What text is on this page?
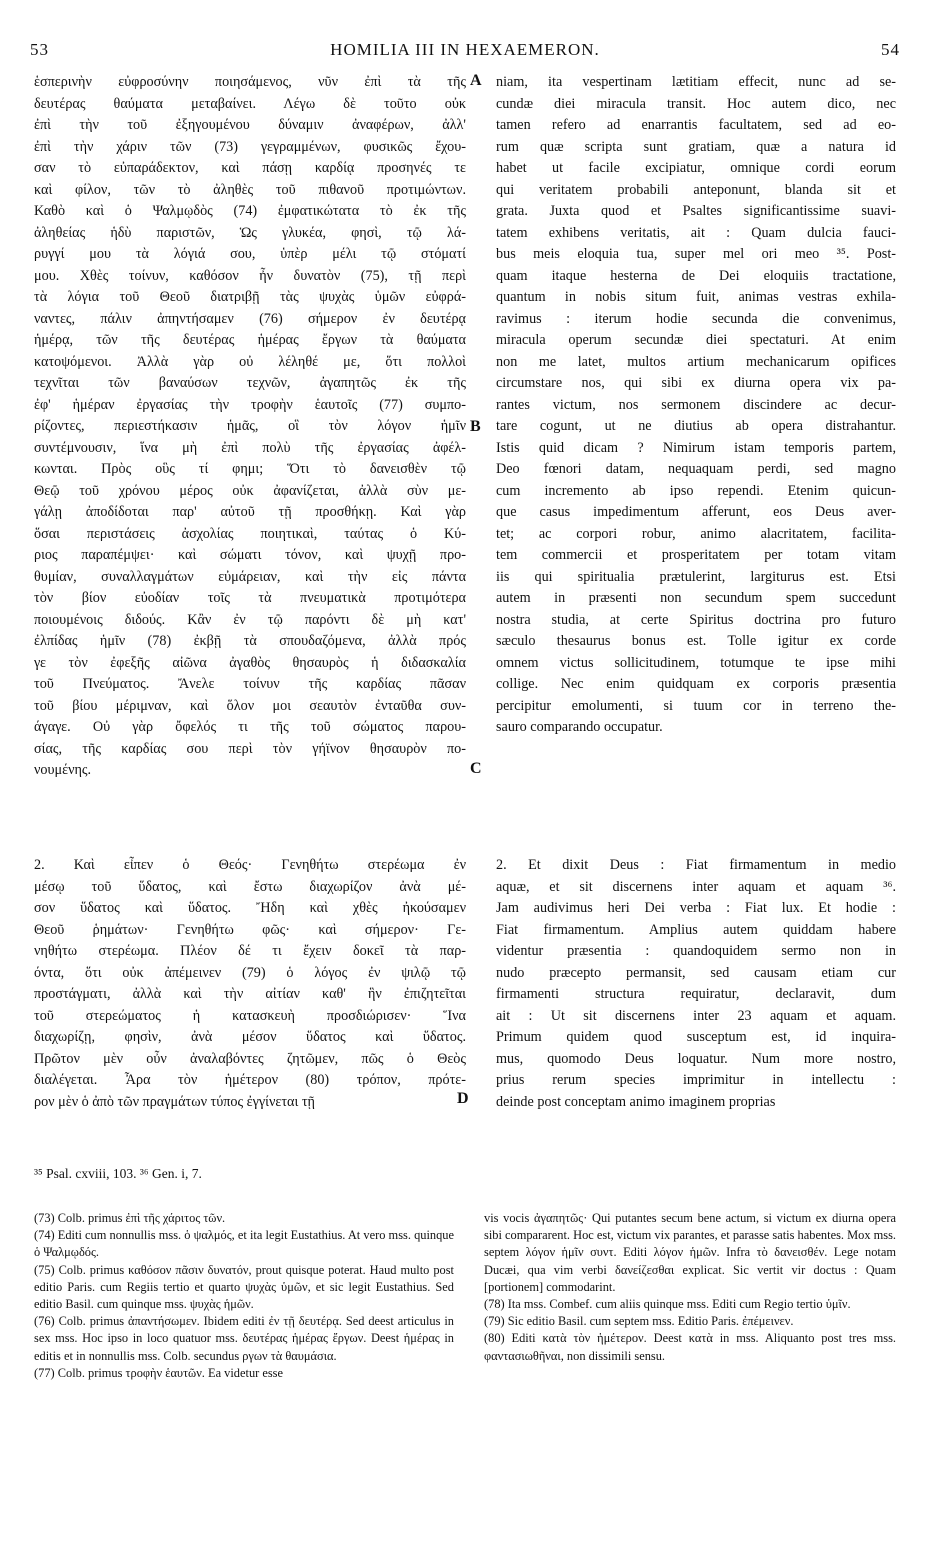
53	HOMILIA III IN HEXAEMERON.	54
ἑσπερινὴν εὐφροσύνην ποιησάμενος, νῦν ἐπὶ τὰ τῆς
δευτέρας θαύματα μεταβαίνει. Λέγω δὲ τοῦτο οὐκ
ἐπὶ τὴν τοῦ ἐξηγουμένου δύναμιν ἀναφέρων, ἀλλ'
ἐπὶ τὴν χάριν τῶν (73) γεγραμμένων, φυσικῶς ἔχου-
σαν τὸ εὐπαράδεκτον, καὶ πάσῃ καρδίᾳ προσηνές τε
καὶ φίλον, τῶν τὸ ἀληθὲς τοῦ πιθανοῦ προτιμώντων.
Καθὸ καὶ ὁ Ψαλμῳδὸς (74) ἐμφατικώτατα τὸ ἐκ τῆς
ἀληθείας ἡδὺ παριστῶν, Ὡς γλυκέα, φησὶ, τῷ λά-
ρυγγί μου τὰ λόγιά σου, ὑπὲρ μέλι τῷ στόματί
μου. Χθὲς τοίνυν, καθόσον ἦν δυνατὸν (75), τῇ περὶ
τὰ λόγια τοῦ Θεοῦ διατριβῇ τὰς ψυχὰς ὑμῶν εὐφρά-
ναντες, πάλιν ἀπηντήσαμεν (76) σήμερον ἐν δευτέρᾳ
ἡμέρᾳ, τῶν τῆς δευτέρας ἡμέρας ἔργων τὰ θαύματα
κατοψόμενοι. Ἀλλὰ γὰρ οὐ λέληθέ με, ὅτι πολλοὶ
τεχνῖται τῶν βαναύσων τεχνῶν, ἀγαπητῶς ἐκ τῆς
ἐφ' ἡμέραν ἐργασίας τὴν τροφὴν ἑαυτοῖς (77) συμπο-
ρίζοντες, περιεστήκασιν ἡμᾶς, οἳ τὸν λόγον ἡμῖν
συντέμνουσιν, ἵνα μὴ ἐπὶ πολὺ τῆς ἐργασίας ἀφέλ-
κωνται. Πρὸς οὓς τί φημι; Ὅτι τὸ δανεισθὲν τῷ
Θεῷ τοῦ χρόνου μέρος οὐκ ἀφανίζεται, ἀλλὰ σὺν με-
γάλῃ ἀποδίδοται παρ' αὐτοῦ τῇ προσθήκῃ. Καὶ γὰρ
ὅσαι περιστάσεις ἀσχολίας ποιητικαὶ, ταύτας ὁ Κύ-
ριος παραπέμψει· καὶ σώματι τόνον, καὶ ψυχῇ προ-
θυμίαν, συναλλαγμάτων εὐμάρειαν, καὶ τὴν εἰς πάντα
τὸν βίον εὐοδίαν τοῖς τὰ πνευματικὰ προτιμότερα
ποιουμένοις διδούς. Κἂν ἐν τῷ παρόντι δὲ μὴ κατ'
ἐλπίδας ἡμῖν (78) ἐκβῇ τὰ σπουδαζόμενα, ἀλλὰ πρός
γε τὸν ἐφεξῆς αἰῶνα ἀγαθὸς θησαυρὸς ἡ διδασκαλία
τοῦ Πνεύματος. Ἄνελε τοίνυν τῆς καρδίας πᾶσαν
τοῦ βίου μέριμναν, καὶ ὅλον μοι σεαυτὸν ἐνταῦθα συν-
άγαγε. Οὐ γὰρ ὄφελός τι τῆς τοῦ σώματος παρου-
σίας, τῆς καρδίας σου περὶ τὸν γήϊνον θησαυρὸν πο-
νουμένης.
niam, ita vespertinam lætitiam effecit, nunc ad se-
cundæ diei miracula transit. Hoc autem dico, nec
tamen refero ad enarrantis facultatem, sed ad eo-
rum quæ scripta sunt gratiam, quæ a natura id
habet ut facile excipiatur, omnique cordi eorum
qui veritatem probabili anteponunt, blanda sit et
grata. Juxta quod et Psaltes significantissime suavi-
tatem exhibens veritatis, ait : Quam dulcia fauci-
bus meis eloquia tua, super mel ori meo ³⁵. Post-
quam itaque hesterna de Dei eloquiis tractatione,
quantum in nobis situm fuit, animas vestras exhila-
ravimus : iterum hodie secunda die convenimus,
miracula operum secundæ diei spectaturi. At enim
non me latet, multos artium mechanicarum opifices
circumstare nos, qui sibi ex diurna opera vix pa-
rantes victum, nos sermonem discindere ac decur-
tare cogunt, ut ne diutius ab opera distrahantur.
Istis quid dicam ? Nimirum istam temporis partem,
Deo fœnori datam, nequaquam perdi, sed magno
cum incremento ab ipso rependi. Etenim quicun-
que casus impedimentum afferunt, eos Deus aver-
tet; ac corpori robur, animo alacritatem, facilita-
tem commercii et prosperitatem per totam vitam
iis qui spiritualia prætulerint, largiturus est. Etsi
autem in præsenti non secundum spem succedunt
nostra studia, at certe Spiritus doctrina pro futuro
sæculo thesaurus bonus est. Tolle igitur ex corde
omnem victus sollicitudinem, totumque te ipse mihi
collige. Nec enim quidquam ex corporis præsentia
percipitur emolumenti, si tuum cor in terreno the-
sauro comparando occupatur.
A
B
C
D
2. Καὶ εἶπεν ὁ Θεός· Γενηθήτω στερέωμα ἐν
μέσῳ τοῦ ὕδατος, καὶ ἔστω διαχωρίζον ἀνὰ μέ-
σον ὕδατος καὶ ὕδατος. Ἤδη καὶ χθὲς ἠκούσαμεν
Θεοῦ ῥημάτων· Γενηθήτω φῶς· καὶ σήμερον· Γε-
νηθήτω στερέωμα. Πλέον δέ τι ἔχειν δοκεῖ τὰ παρ-
όντα, ὅτι οὐκ ἀπέμεινεν (79) ὁ λόγος ἐν ψιλῷ τῷ
προστάγματι, ἀλλὰ καὶ τὴν αἰτίαν καθ' ἣν ἐπιζητεῖται
τοῦ στερεώματος ἡ κατασκευὴ προσδιώρισεν· Ἵνα
διαχωρίζῃ, φησὶν, ἀνὰ μέσον ὕδατος καὶ ὕδατος.
Πρῶτον μὲν οὖν ἀναλαβόντες ζητῶμεν, πῶς ὁ Θεὸς
διαλέγεται. Ἆρα τὸν ἡμέτερον (80) τρόπον, πρότε-
ρον μὲν ὁ ἀπὸ τῶν πραγμάτων τύπος ἐγγίνεται τῇ
2. Et dixit Deus : Fiat firmamentum in medio
aquæ, et sit discernens inter aquam et aquam ³⁶.
Jam audivimus heri Dei verba : Fiat lux. Et hodie :
Fiat firmamentum. Amplius autem quiddam habere
videntur præsentia : quandoquidem sermo non in
nudo præcepto permansit, sed causam etiam cur
firmamenti structura requiratur, declaravit, dum
ait : Ut sit discernens inter 23 aquam et aquam.
Primum quidem quod susceptum est, id inquira-
mus, quomodo Deus loquatur. Num more nostro,
prius rerum species imprimitur in intellectu :
deinde post conceptam animo imaginem proprias
³⁵ Psal. cxviii, 103. ³⁶ Gen. i, 7.

(73) Colb. primus ἐπὶ τῆς χάριτος τῶν.

(74) Editi cum nonnullis mss. ὁ ψαλμός, et ita legit Eustathius. At vero mss. quinque ὁ Ψαλμῳδός.

(75) Colb. primus καθόσον πᾶσιν δυνατόν, prout quisque poterat. Haud multo post editio Paris. cum Regiis tertio et quarto ψυχὰς ὑμῶν, et sic legit Eustathius. Sed editio Basil. cum quinque mss. ψυχὰς ἡμῶν.

(76) Colb. primus ἀπαντήσωμεν. Ibidem editi ἐν τῇ δευτέρᾳ. Sed deest articulus in sex mss. Hoc ipso in loco quatuor mss. δευτέρας ἡμέρας ἔργων. Deest ἡμέρας in editis et in nonnullis mss. Colb. secundus ργων τὰ θαυμάσια.

(77) Colb. primus τροφὴν ἑαυτῶν. Ea videtur esse

vis vocis ἀγαπητῶς· Qui putantes secum bene actum, si victum ex diurna opera sibi compararent. Hoc est, victum vix parantes, et parasse satis habentes. Mox mss. septem λόγον ἡμῖν συντ. Editi λόγον ἡμῶν. Infra τὸ δανεισθέν. Lege notam Ducæi, qua vim verbi δανείζεσθαι explicat. Sic vertit vir doctus : Quam [portionem] commodarint.

(78) Ita mss. Combef. cum aliis quinque mss. Editi cum Regio tertio ὑμῖν.

(79) Sic editio Basil. cum septem mss. Editio Paris. ἐπέμεινεν.

(80) Editi κατὰ τὸν ἡμέτερον. Deest κατὰ in mss. Aliquanto post tres mss. φαντασιωθῆναι, non dissimili sensu.
